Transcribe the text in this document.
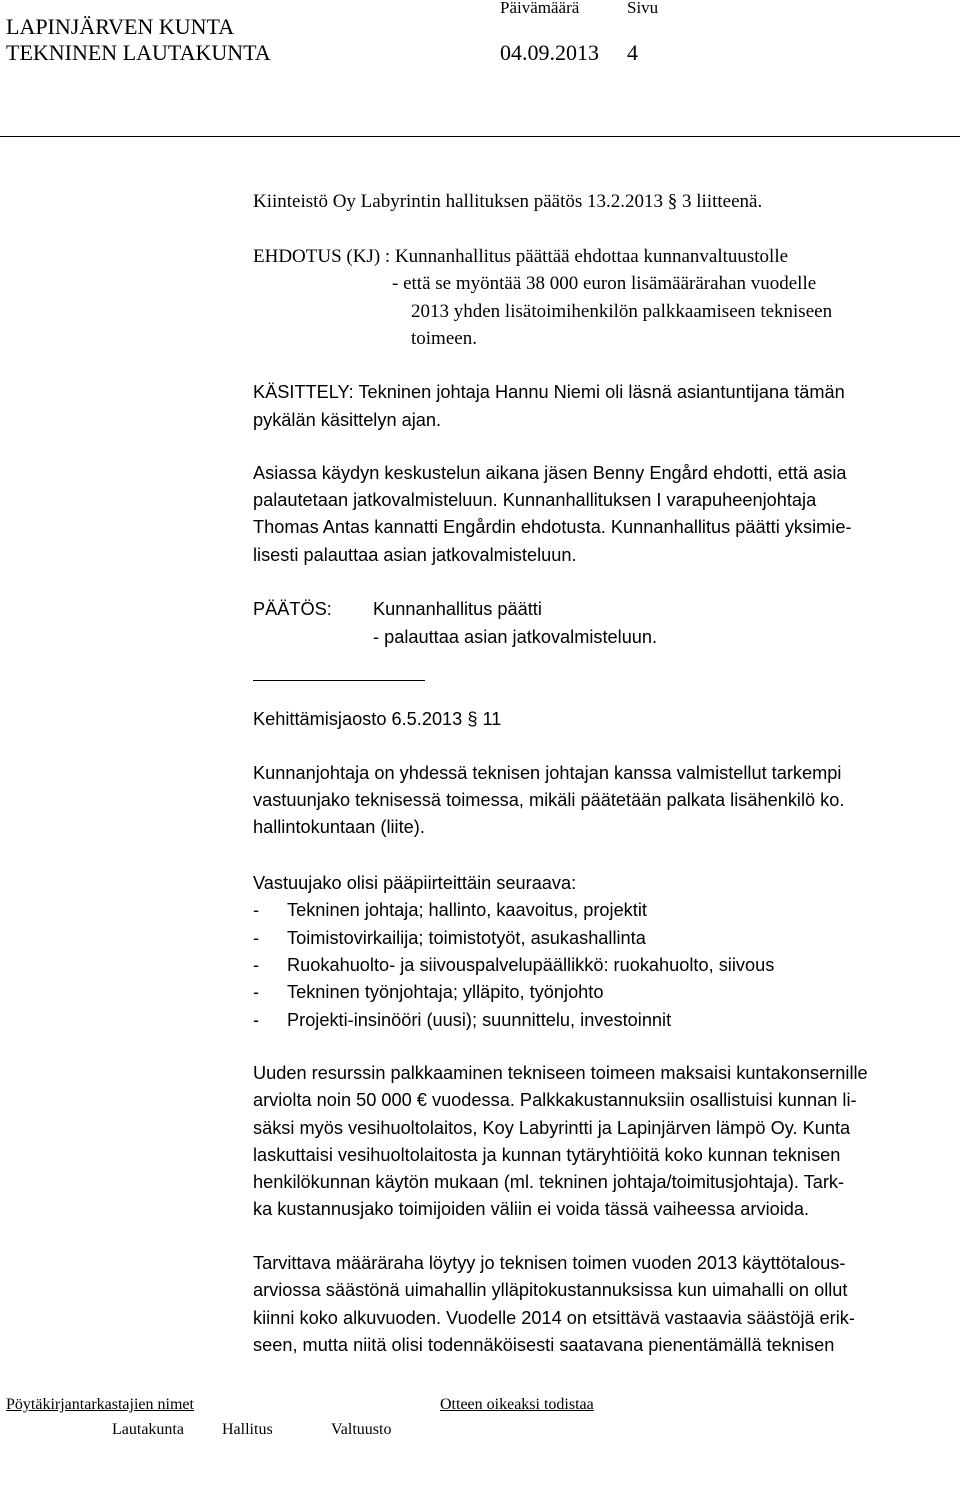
LAPINJÄRVEN KUNTA
Päivämäärä	Sivu
TEKNINEN LAUTAKUNTA	04.09.2013 4
Kiinteistö Oy Labyrintin hallituksen päätös 13.2.2013 § 3 liitteenä.
EHDOTUS (KJ) : Kunnanhallitus päättää ehdottaa kunnanvaltuustolle
- että se myöntää 38 000 euron lisämäärärahan vuodelle
2013 yhden lisätoimihenkilön palkkaamiseen tekniseen
toimeen.
KÄSITTELY: Tekninen johtaja Hannu Niemi oli läsnä asiantuntijana tämän
pykälän käsittelyn ajan.
Asiassa käydyn keskustelun aikana jäsen Benny Engård ehdotti, että asia
palautetaan jatkovalmisteluun. Kunnanhallituksen I varapuheenjohtaja
Thomas Antas kannatti Engårdin ehdotusta. Kunnanhallitus päätti yksimie-
lisesti palauttaa asian jatkovalmisteluun.
PÄÄTÖS: Kunnanhallitus päätti
- palauttaa asian jatkovalmisteluun.
Kehittämisjaosto 6.5.2013 § 11
Kunnanjohtaja on yhdessä teknisen johtajan kanssa valmistellut tarkempi
vastuunjako teknisessä toimessa, mikäli päätetään palkata lisähenkilö ko.
hallintokuntaan (liite).
Vastuujako olisi pääpiirteittäin seuraava:
- Tekninen johtaja; hallinto, kaavoitus, projektit
- Toimistovirkailija; toimistotyöt, asukashallinta
- Ruokahuolto- ja siivouspalvelupäällikkö: ruokahuolto, siivous
- Tekninen työnjohtaja; ylläpito, työnjohto
- Projekti-insinööri (uusi); suunnittelu, investoinnit
Uuden resurssin palkkaaminen tekniseen toimeen maksaisi kuntakonsernille
arviolta noin 50 000 € vuodessa. Palkkakustannuksiin osallistuisi kunnan li-
säksi myös vesihuoltolaitos, Koy Labyrintti ja Lapinjärven lämpö Oy. Kunta
laskuttaisi vesihuoltolaitosta ja kunnan tytäryhtiöitä koko kunnan teknisen
henkilökunnan käytön mukaan (ml. tekninen johtaja/toimitusjohtaja). Tark-
ka kustannusjako toimijoiden väliin ei voida tässä vaiheessa arvioida.
Tarvittava määräraha löytyy jo teknisen toimen vuoden 2013 käyttötalous-
arviossa säästönä uimahallin ylläpitokustannuksissa kun uimahalli on ollut
kiinni koko alkuvuoden. Vuodelle 2014 on etsittävä vastaavia säästöjä erik-
seen, mutta niitä olisi todennäköisesti saatavana pienentämällä teknisen
Pöytäkirjantarkastajien nimet	Otteen oikeaksi todistaa
Lautakunta Hallitus	Valtuusto
